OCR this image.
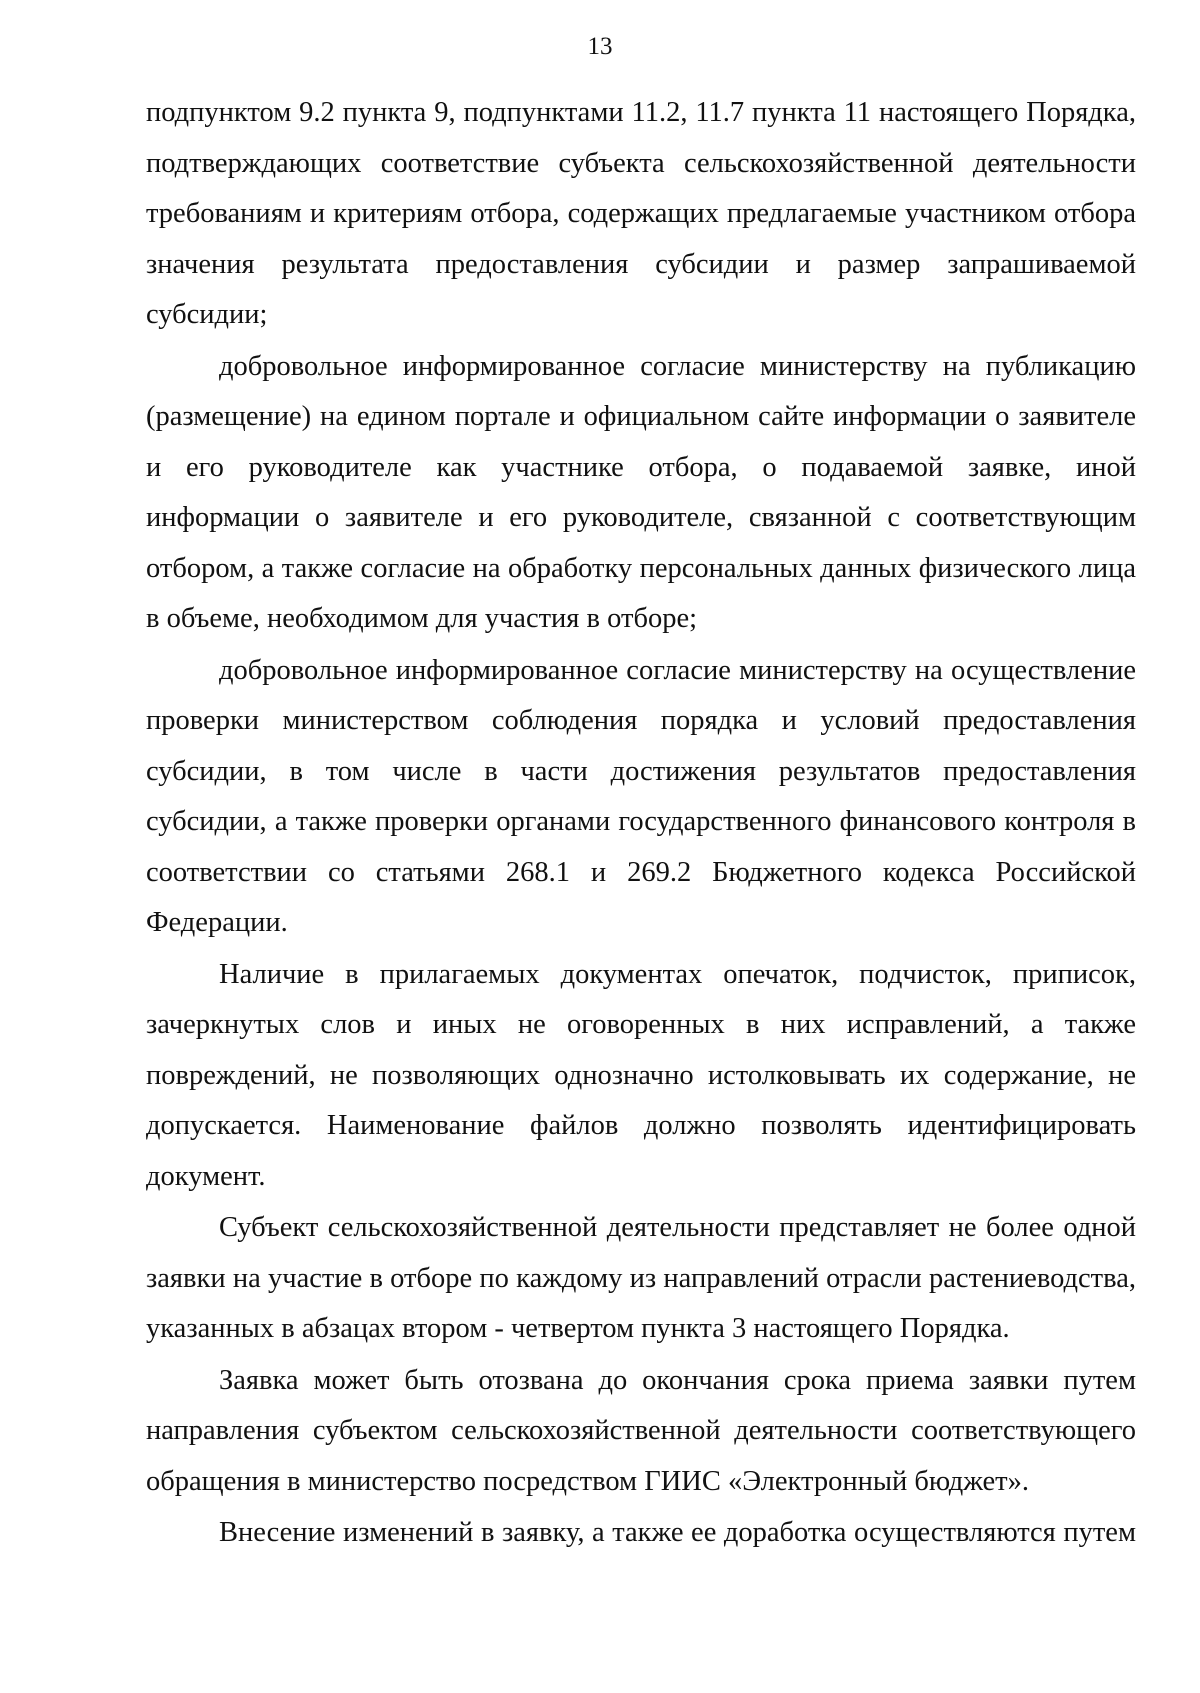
13

подпунктом 9.2 пункта 9, подпунктами 11.2, 11.7 пункта 11 настоящего Порядка, подтверждающих соответствие субъекта сельскохозяйственной деятельности требованиям и критериям отбора, содержащих предлагаемые участником отбора значения результата предоставления субсидии и размер запрашиваемой субсидии;

добровольное информированное согласие министерству на публикацию (размещение) на едином портале и официальном сайте информации о заявителе и его руководителе как участнике отбора, о подаваемой заявке, иной информации о заявителе и его руководителе, связанной с соответствующим отбором, а также согласие на обработку персональных данных физического лица в объеме, необходимом для участия в отборе;

добровольное информированное согласие министерству на осуществление проверки министерством соблюдения порядка и условий предоставления субсидии, в том числе в части достижения результатов предоставления субсидии, а также проверки органами государственного финансового контроля в соответствии со статьями 268.1 и 269.2 Бюджетного кодекса Российской Федерации.

Наличие в прилагаемых документах опечаток, подчисток, приписок, зачеркнутых слов и иных не оговоренных в них исправлений, а также повреждений, не позволяющих однозначно истолковывать их содержание, не допускается. Наименование файлов должно позволять идентифицировать документ.

Субъект сельскохозяйственной деятельности представляет не более одной заявки на участие в отборе по каждому из направлений отрасли растениеводства, указанных в абзацах втором - четвертом пункта 3 настоящего Порядка.

Заявка может быть отозвана до окончания срока приема заявки путем направления субъектом сельскохозяйственной деятельности соответствующего обращения в министерство посредством ГИИС «Электронный бюджет».

Внесение изменений в заявку, а также ее доработка осуществляются путем
